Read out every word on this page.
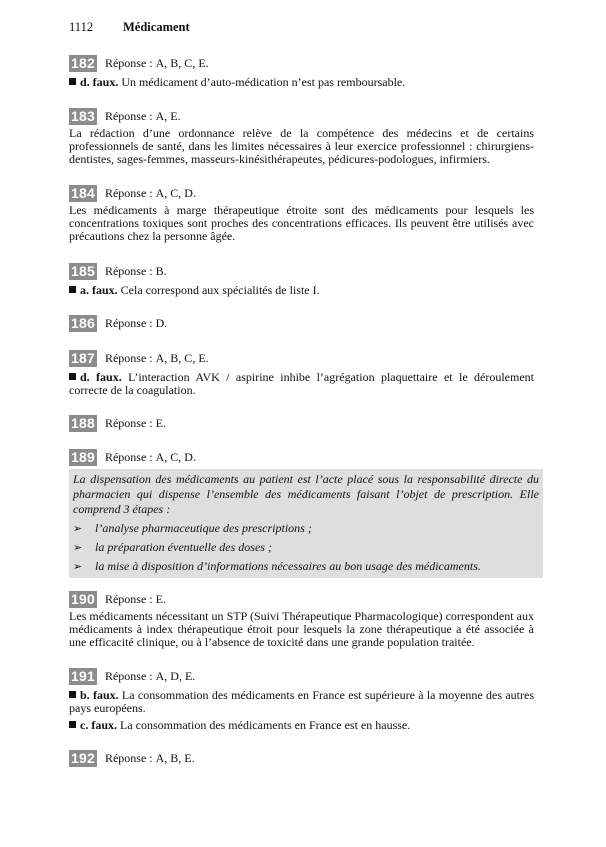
1112 Médicament
182 Réponse :
A, B, C, E.
d. faux. Un médicament d’auto-médication n’est pas remboursable.
183 Réponse :
A, E.
La rédaction d’une ordonnance relève de la compétence des médecins et de certains professionnels de santé, dans les limites nécessaires à leur exercice professionnel : chirurgiens-dentistes, sages-femmes, masseurs-kinésithérapeutes, pédicures-podologues, infirmiers.
184 Réponse :
A, C, D.
Les médicaments à marge thérapeutique étroite sont des médicaments pour lesquels les concentrations toxiques sont proches des concentrations efficaces. Ils peuvent être utilisés avec précautions chez la personne âgée.
185 Réponse :
B.
a. faux. Cela correspond aux spécialités de liste I.
186 Réponse :
D.
187 Réponse :
A, B, C, E.
d. faux. L’interaction AVK / aspirine inhibe l’agrégation plaquettaire et le déroulement correcte de la coagulation.
188 Réponse :
E.
189 Réponse :
A, C, D.
La dispensation des médicaments au patient est l’acte placé sous la responsabilité directe du pharmacien qui dispense l’ensemble des médicaments faisant l’objet de prescription. Elle comprend 3 étapes :
➢	l’analyse pharmaceutique des prescriptions ;
➢	la préparation éventuelle des doses ;
➢	la mise à disposition d’informations nécessaires au bon usage des médicaments.
190 Réponse :
E.
Les médicaments nécessitant un STP (Suivi Thérapeutique Pharmacologique) correspondent aux médicaments à index thérapeutique étroit pour lesquels la zone thérapeutique a été associée à une efficacité clinique, ou à l’absence de toxicité dans une grande population traitée.
191 Réponse :
A, D, E.
b. faux. La consommation des médicaments en France est supérieure à la moyenne des autres pays européens.
c. faux. La consommation des médicaments en France est en hausse.
192 Réponse :
A, B, E.
